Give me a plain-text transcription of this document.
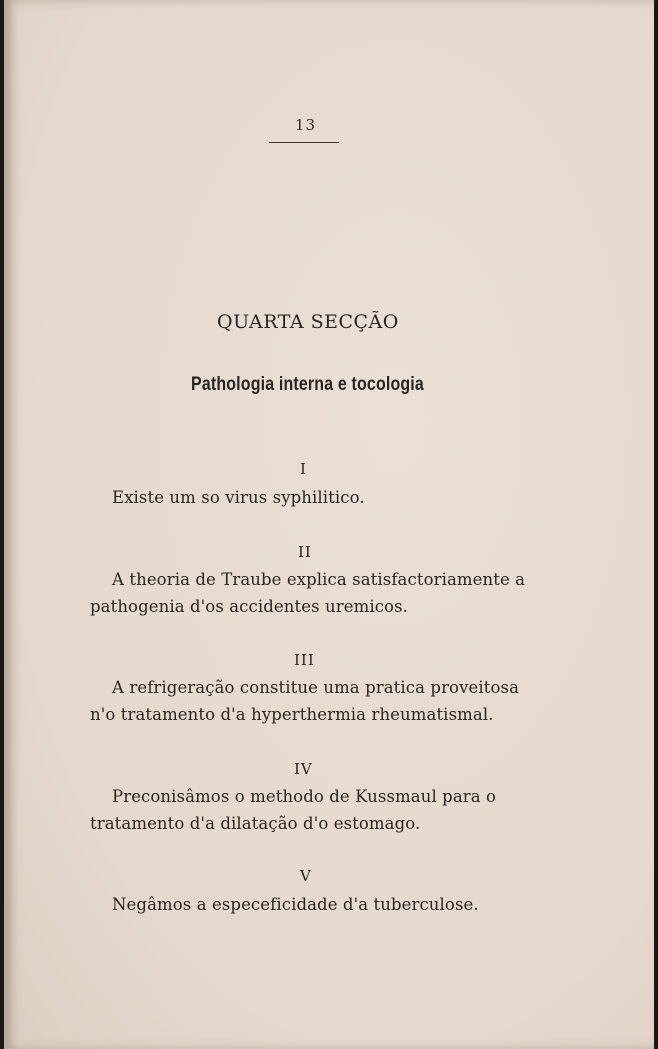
13
QUARTA SECÇÃO
Pathologia interna e tocologia
I
Existe um so virus syphilitico.
II
A theoria de Traube explica satisfactoriamente a
pathogenia d'os accidentes uremicos.
III
A refrigeração constitue uma pratica proveitosa
n'o tratamento d'a hyperthermia rheumatismal.
IV
Preconisâmos o methodo de Kussmaul para o
tratamento d'a dilatação d'o estomago.
V
Negâmos a especeficidade d'a tuberculose.
